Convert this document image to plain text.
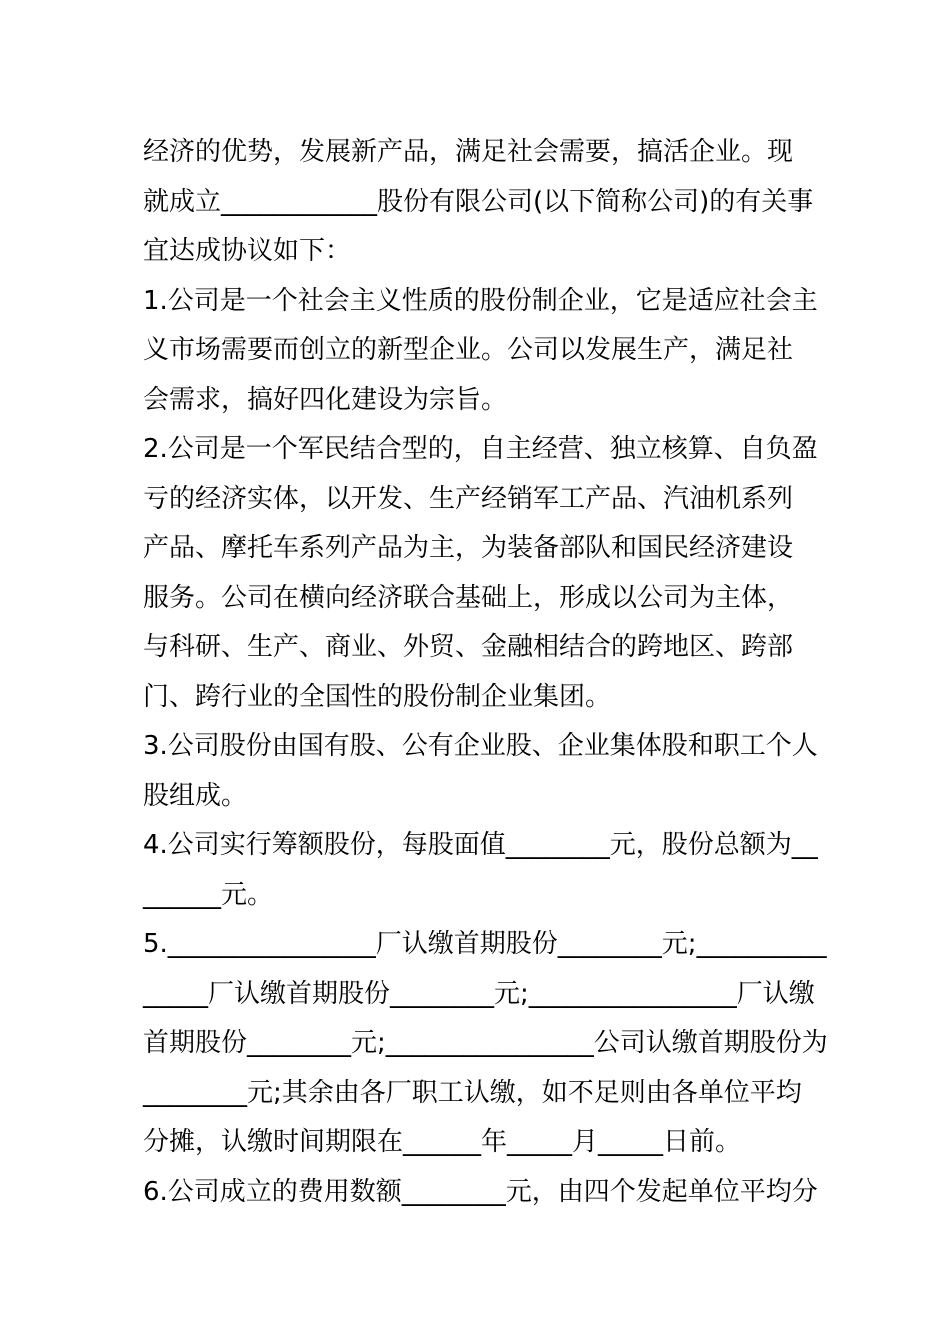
经济的优势，发展新产品，满足社会需要，搞活企业。现
就成立____________股份有限公司(以下简称公司)的有关事
宜达成协议如下：
1.公司是一个社会主义性质的股份制企业，它是适应社会主
义市场需要而创立的新型企业。公司以发展生产，满足社
会需求，搞好四化建设为宗旨。
2.公司是一个军民结合型的，自主经营、独立核算、自负盈
亏的经济实体，以开发、生产经销军工产品、汽油机系列
产品、摩托车系列产品为主，为装备部队和国民经济建设
服务。公司在横向经济联合基础上，形成以公司为主体，
与科研、生产、商业、外贸、金融相结合的跨地区、跨部
门、跨行业的全国性的股份制企业集团。
3.公司股份由国有股、公有企业股、企业集体股和职工个人
股组成。
4.公司实行筹额股份，每股面值________元，股份总额为__
______元。
5.________________厂认缴首期股份________元;__________
_____厂认缴首期股份________元;________________厂认缴
首期股份________元;________________公司认缴首期股份为
________元;其余由各厂职工认缴，如不足则由各单位平均
分摊，认缴时间期限在______年_____月_____日前。
6.公司成立的费用数额________元，由四个发起单位平均分
